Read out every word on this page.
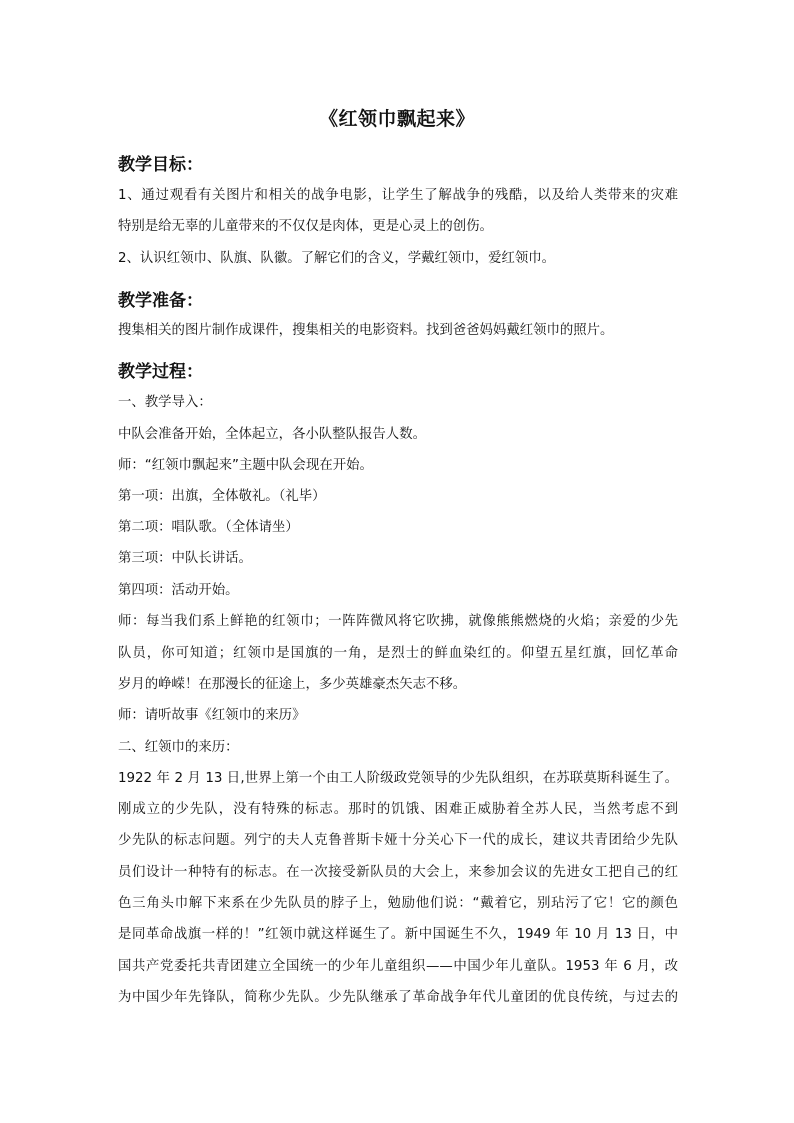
《红领巾飘起来》
教学目标：
1、通过观看有关图片和相关的战争电影，让学生了解战争的残酷，以及给人类带来的灾难
特别是给无辜的儿童带来的不仅仅是肉体，更是心灵上的创伤。
2、认识红领巾、队旗、队徽。了解它们的含义，学戴红领巾，爱红领巾。
教学准备：
搜集相关的图片制作成课件，搜集相关的电影资料。找到爸爸妈妈戴红领巾的照片。
教学过程：
一、教学导入：
中队会准备开始，全体起立，各小队整队报告人数。
师：“红领巾飘起来”主题中队会现在开始。
第一项：出旗，全体敬礼。（礼毕）
第二项：唱队歌。（全体请坐）
第三项：中队长讲话。
第四项：活动开始。
师：每当我们系上鲜艳的红领巾；一阵阵微风将它吹拂，就像熊熊燃烧的火焰；亲爱的少先
队员，你可知道；红领巾是国旗的一角，是烈士的鲜血染红的。仰望五星红旗，回忆革命
岁月的峥嵘！在那漫长的征途上，多少英雄豪杰矢志不移。
师：请听故事《红领巾的来历》
二、红领巾的来历：
1922 年 2 月 13 日,世界上第一个由工人阶级政党领导的少先队组织，在苏联莫斯科诞生了。
刚成立的少先队，没有特殊的标志。那时的饥饿、困难正威胁着全苏人民，当然考虑不到
少先队的标志问题。列宁的夫人克鲁普斯卡娅十分关心下一代的成长，建议共青团给少先队
员们设计一种特有的标志。在一次接受新队员的大会上，来参加会议的先进女工把自己的红
色三角头巾解下来系在少先队员的脖子上，勉励他们说：“戴着它，别玷污了它！它的颜色
是同革命战旗一样的！”红领巾就这样诞生了。新中国诞生不久，1949 年 10 月 13 日，中
国共产党委托共青团建立全国统一的少年儿童组织——中国少年儿童队。1953 年 6 月，改
为中国少年先锋队，简称少先队。少先队继承了革命战争年代儿童团的优良传统，与过去的
